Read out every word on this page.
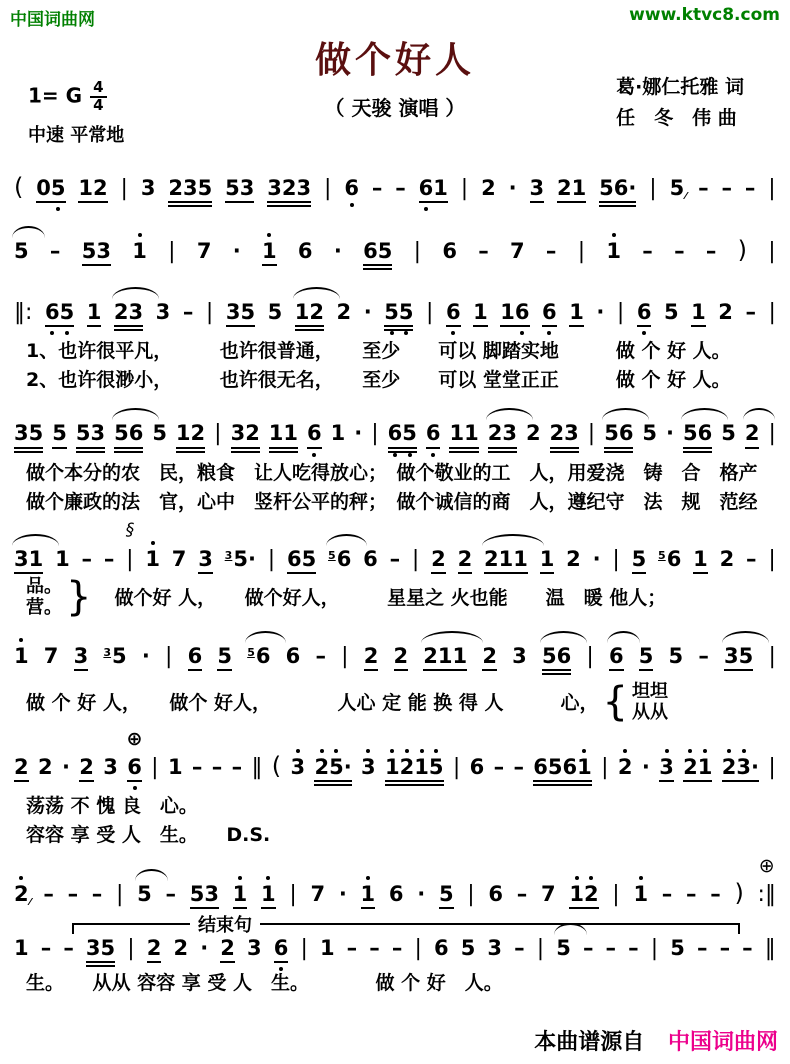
中国词曲网	www.ktvc8.com
做个好人
（ 天骏 演唱 ）
葛·娜仁托雅 词
任　冬　伟 曲
1= G $\frac{4}{4}$
中速 平常地
( 05 12 | 3 235 53 323 | 6 – – 61 | 2 · 3 21 56· | 5 – – – |
5 – 53 1 | 7 · 1 6 · 65 | 6 – 7 – | 1 – – – ) |
‖: 65 1 23 3 – | 35 5 12 2 · 55 | 6 1 16 6 1 · | 6 5 1 2 – |
1、也许很平凡，　　　也许很普通，　　至少　　可以 脚踏实地　　　做 个 好 人。
2、也许很渺小，　　　也许很无名，　　至少　　可以 堂堂正正　　　做 个 好 人。
35 5 53 56 5 12 | 32 11 6 1 · | 65 6 11 23 2 23 | 56 5 · 56 5 2 |
做个本分的农　民，粮食　让人吃得放心；　做个敬业的工　人，用爱浇　铸　合　格产
做个廉政的法　官，心中　竖杆公平的秤；　做个诚信的商　人，遵纪守　法　规　范经
31 1 – – |
§
1 7 3 $^3$5· | 65 $^5$6 6 – | 2 2 211 1 2 · | 5 $^5$6 1 2 – |
品。
营。 } 　做个好 人，　　做个好人，　　　星星之 火也能　　温　暖 他人；
1 7 3 $^3$5 · | 6 5 $^5$6 6 – | 2 2 211 2 3 56 | 6 5 5 – 35 |
做 个 好 人，　　做个 好人，　　　　人心 定 能 换 得 人　　　心， { 坦坦
从从
2 2 · 2 3 6
⊕
| 1 – – – ‖ ( 3 25· 3 1215 | 6 – – 6561 | 2 · 3 21 23· |
荡荡 不 愧 良　心。
容容 享 受 人　生。　　D.S.
2 – – – | 5 – 53 1 1 | 7 · 1 6 · 5 | 6 – 7 12 | 1 – – – ) :‖
⊕
结束句
1 – – 35 | 2 2 · 2 3 6 | 1 – – – | 6 5 3 – | 5 – – – | 5 – – – ‖
生。　　从从 容容 享 受 人　生。　　　　做 个 好　人。
本曲谱源自 中国词曲网
